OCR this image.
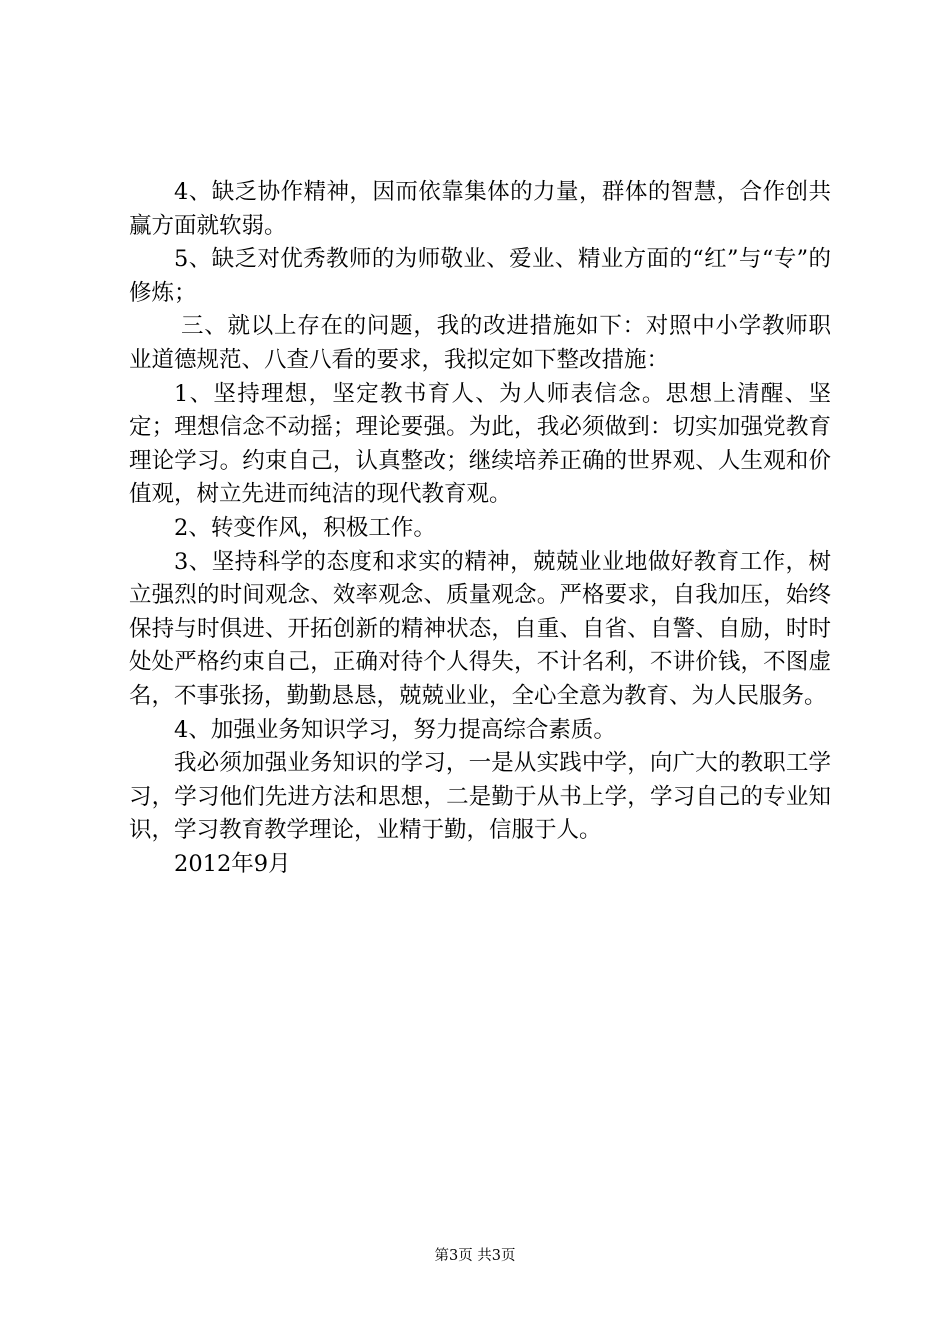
4、缺乏协作精神，因而依靠集体的力量，群体的智慧，合作创共赢方面就软弱。

5、缺乏对优秀教师的为师敬业、爱业、精业方面的“红”与“专”的修炼；

三、就以上存在的问题，我的改进措施如下：对照中小学教师职业道德规范、八查八看的要求，我拟定如下整改措施：

1、坚持理想，坚定教书育人、为人师表信念。思想上清醒、坚定；理想信念不动摇；理论要强。为此，我必须做到：切实加强党教育理论学习。约束自己，认真整改；继续培养正确的世界观、人生观和价值观，树立先进而纯洁的现代教育观。

2、转变作风，积极工作。

3、坚持科学的态度和求实的精神，兢兢业业地做好教育工作，树立强烈的时间观念、效率观念、质量观念。严格要求，自我加压，始终保持与时俱进、开拓创新的精神状态，自重、自省、自警、自励，时时处处严格约束自己，正确对待个人得失，不计名利，不讲价钱，不图虚名，不事张扬，勤勤恳恳，兢兢业业，全心全意为教育、为人民服务。

4、加强业务知识学习，努力提高综合素质。

我必须加强业务知识的学习，一是从实践中学，向广大的教职工学习，学习他们先进方法和思想，二是勤于从书上学，学习自己的专业知识，学习教育教学理论，业精于勤，信服于人。

2012年9月

第3页 共3页
